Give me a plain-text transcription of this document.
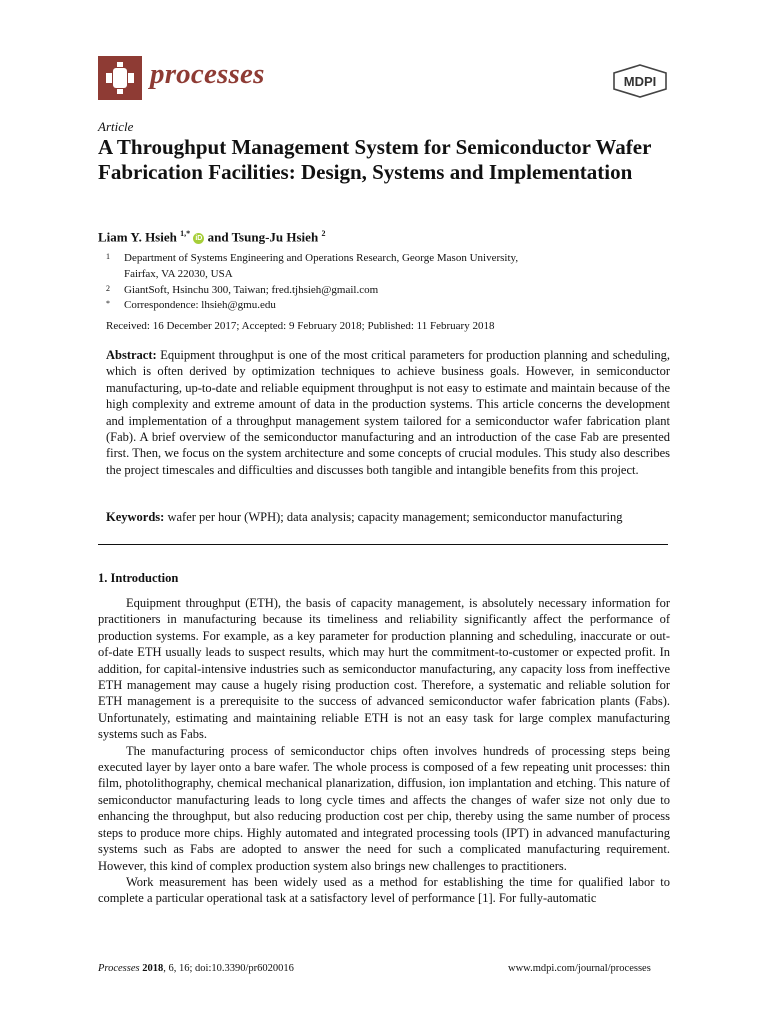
processes	MDPI
Article
A Throughput Management System for Semiconductor Wafer Fabrication Facilities: Design, Systems and Implementation
Liam Y. Hsieh $^{1,*}$ iD and Tsung-Ju Hsieh $^2$
1	Department of Systems Engineering and Operations Research, George Mason University,
Fairfax, VA 22030, USA
2	GiantSoft, Hsinchu 300, Taiwan; fred.tjhsieh@gmail.com
*	Correspondence: lhsieh@gmu.edu
Received: 16 December 2017; Accepted: 9 February 2018; Published: 11 February 2018
Abstract: Equipment throughput is one of the most critical parameters for production planning and scheduling, which is often derived by optimization techniques to achieve business goals. However, in semiconductor manufacturing, up-to-date and reliable equipment throughput is not easy to estimate and maintain because of the high complexity and extreme amount of data in the production systems. This article concerns the development and implementation of a throughput management system tailored for a semiconductor wafer fabrication plant (Fab). A brief overview of the semiconductor manufacturing and an introduction of the case Fab are presented first. Then, we focus on the system architecture and some concepts of crucial modules. This study also describes the project timescales and difficulties and discusses both tangible and intangible benefits from this project.
Keywords: wafer per hour (WPH); data analysis; capacity management; semiconductor manufacturing
1. Introduction

Equipment throughput (ETH), the basis of capacity management, is absolutely necessary information for practitioners in manufacturing because its timeliness and reliability significantly affect the performance of production systems. For example, as a key parameter for production planning and scheduling, inaccurate or out-of-date ETH usually leads to suspect results, which may hurt the commitment-to-customer or expected profit. In addition, for capital-intensive industries such as semiconductor manufacturing, any capacity loss from ineffective ETH management may cause a hugely rising production cost. Therefore, a systematic and reliable solution for ETH management is a prerequisite to the success of advanced semiconductor wafer fabrication plants (Fabs). Unfortunately, estimating and maintaining reliable ETH is not an easy task for large complex manufacturing systems such as Fabs.

The manufacturing process of semiconductor chips often involves hundreds of processing steps being executed layer by layer onto a bare wafer. The whole process is composed of a few repeating unit processes: thin film, photolithography, chemical mechanical planarization, diffusion, ion implantation and etching. This nature of semiconductor manufacturing leads to long cycle times and affects the changes of wafer size not only due to enhancing the throughput, but also reducing production cost per chip, thereby using the same number of process steps to produce more chips. Highly automated and integrated processing tools (IPT) in advanced manufacturing systems such as Fabs are adopted to answer the need for such a complicated manufacturing requirement. However, this kind of complex production system also brings new challenges to practitioners.

Work measurement has been widely used as a method for establishing the time for qualified labor to complete a particular operational task at a satisfactory level of performance [1]. For fully-automatic

Processes 2018, 6, 16; doi:10.3390/pr6020016	www.mdpi.com/journal/processes
